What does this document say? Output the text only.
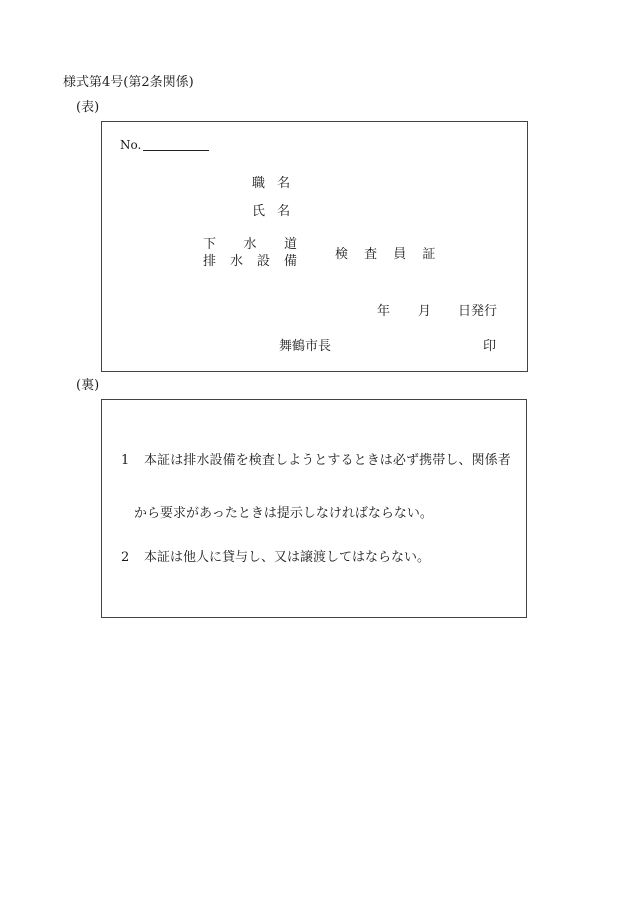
様式第4号(第2条関係)
(表)
No.
職 名
氏 名
下 水 道
排 水 設 備	検 査 員 証
年 月 日発行
舞鶴市長	印
(裏)
1 本証は排水設備を検査しようとするときは必ず携帯し、関係者
から要求があったときは提示しなければならない。
2 本証は他人に貸与し、又は譲渡してはならない。
